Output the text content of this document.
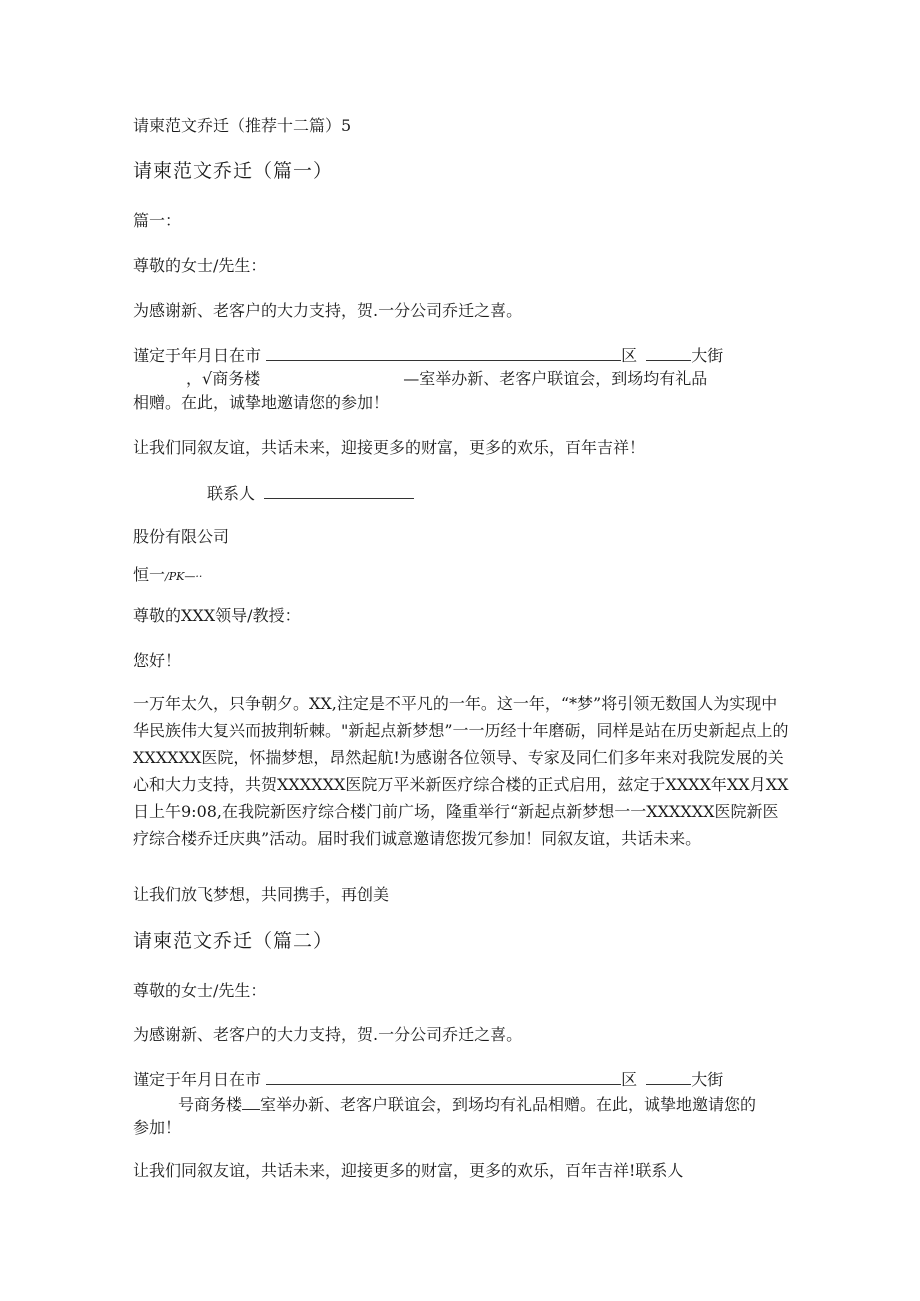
请柬范文乔迁（推荐十二篇）5
请柬范文乔迁（篇一）
篇一：
尊敬的女士/先生：
为感谢新、老客户的大力支持，贺.一分公司乔迁之喜。
谨定于年月日在市	区	大街
，√商务楼	—室举办新、老客户联谊会，到场均有礼品
相赠。在此，诚挚地邀请您的参加！
让我们同叙友谊，共话未来，迎接更多的财富，更多的欢乐，百年吉祥！
联系人
股份有限公司
恒一/PK—··
尊敬的XXX领导/教授：
您好！
一万年太久，只争朝夕。XX,注定是不平凡的一年。这一年，“*梦”将引领无数国人为实现中华民族伟大复兴而披荆斩棘。"新起点新梦想”一一历经十年磨砺，同样是站在历史新起点上的XXXXXX医院，怀揣梦想，昂然起航!为感谢各位领导、专家及同仁们多年来对我院发展的关心和大力支持，共贺XXXXXX医院万平米新医疗综合楼的正式启用，兹定于XXXX年XX月XX日上午9:08,在我院新医疗综合楼门前广场，隆重举行“新起点新梦想一一XXXXXX医院新医疗综合楼乔迁庆典”活动。届时我们诚意邀请您拨冗参加！同叙友谊，共话未来。
让我们放飞梦想，共同携手，再创美
请柬范文乔迁（篇二）
尊敬的女士/先生：
为感谢新、老客户的大力支持，贺.一分公司乔迁之喜。
谨定于年月日在市	区	大街
号商务楼 室举办新、老客户联谊会，到场均有礼品相赠。在此，诚挚地邀请您的
参加！
让我们同叙友谊，共话未来，迎接更多的财富，更多的欢乐，百年吉祥!联系人
